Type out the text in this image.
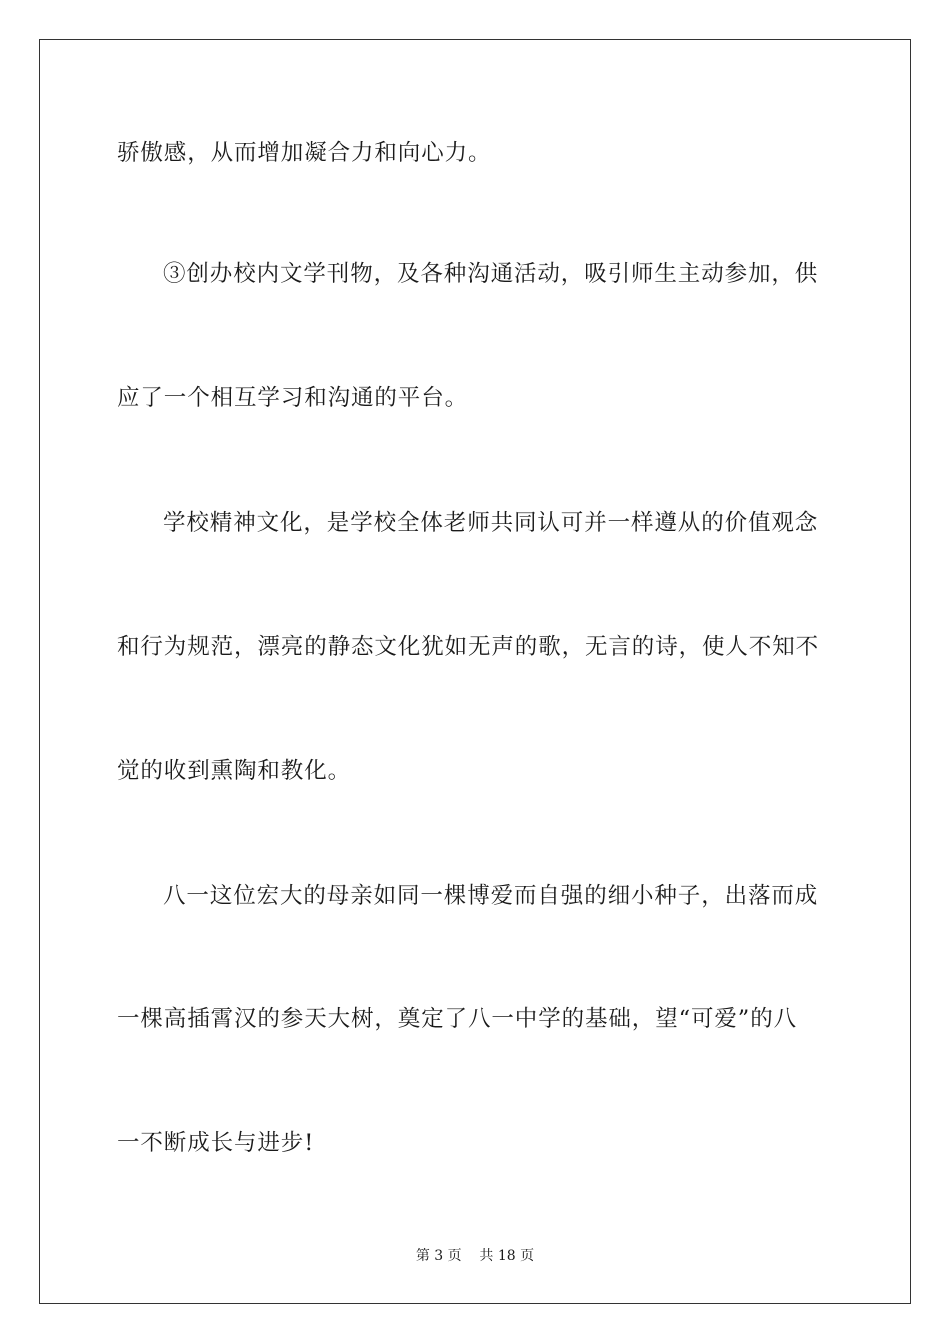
骄傲感，从而增加凝合力和向心力。
③创办校内文学刊物，及各种沟通活动，吸引师生主动参加，供
应了一个相互学习和沟通的平台。
学校精神文化，是学校全体老师共同认可并一样遵从的价值观念
和行为规范，漂亮的静态文化犹如无声的歌，无言的诗，使人不知不
觉的收到熏陶和教化。
八一这位宏大的母亲如同一棵博爱而自强的细小种子，出落而成
一棵高插霄汉的参天大树，奠定了八一中学的基础，望“可爱”的八
一不断成长与进步!
第 3 页    共 18 页
